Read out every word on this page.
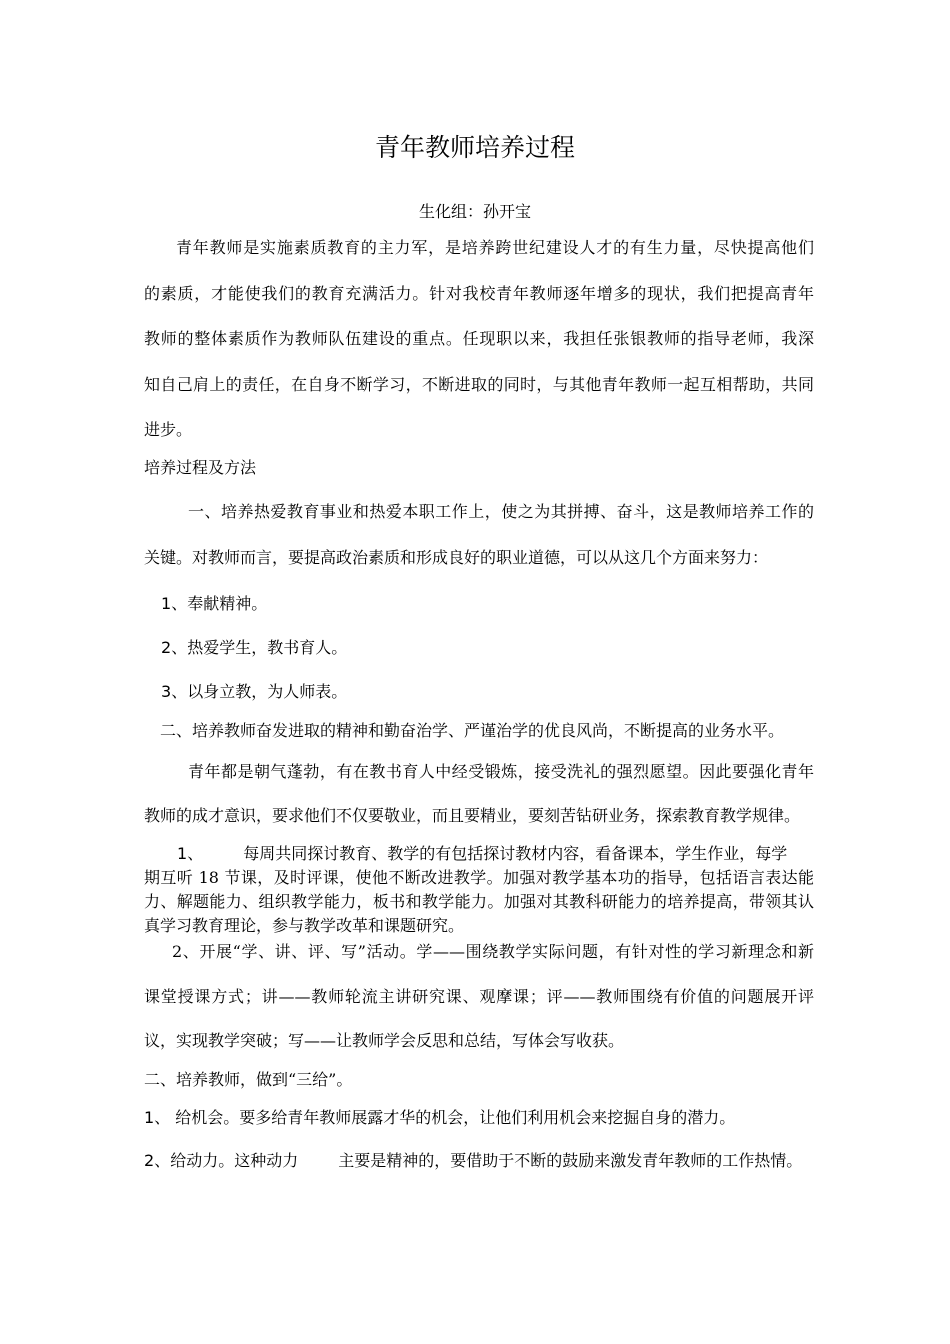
青年教师培养过程
生化组：孙开宝
青年教师是实施素质教育的主力军，是培养跨世纪建设人才的有生力量，尽快提高他们
的素质，才能使我们的教育充满活力。针对我校青年教师逐年增多的现状，我们把提高青年
教师的整体素质作为教师队伍建设的重点。任现职以来，我担任张银教师的指导老师，我深
知自己肩上的责任，在自身不断学习，不断进取的同时，与其他青年教师一起互相帮助，共同
进步。
培养过程及方法
一、培养热爱教育事业和热爱本职工作上，使之为其拼搏、奋斗，这是教师培养工作的
关键。对教师而言，要提高政治素质和形成良好的职业道德，可以从这几个方面来努力：
1、奉献精神。
2、热爱学生，教书育人。
3、以身立教，为人师表。
二、培养教师奋发进取的精神和勤奋治学、严谨治学的优良风尚，不断提高的业务水平。
青年都是朝气蓬勃，有在教书育人中经受锻炼，接受洗礼的强烈愿望。因此要强化青年
教师的成才意识，要求他们不仅要敬业，而且要精业，要刻苦钻研业务，探索教育教学规律。
1、	每周共同探讨教育、教学的有包括探讨教材内容，看备课本，学生作业，每学
期互听 18 节课，及时评课，使他不断改进教学。加强对教学基本功的指导，包括语言表达能
力、解题能力、组织教学能力，板书和教学能力。加强对其教科研能力的培养提高，带领其认
真学习教育理论，参与教学改革和课题研究。
2、开展“学、讲、评、写”活动。学——围绕教学实际问题，有针对性的学习新理念和新
课堂授课方式；讲——教师轮流主讲研究课、观摩课；评——教师围绕有价值的问题展开评
议，实现教学突破；写——让教师学会反思和总结，写体会写收获。
二、培养教师，做到“三给”。
1、 给机会。要多给青年教师展露才华的机会，让他们利用机会来挖掘自身的潜力。
2、给动力。这种动力	主要是精神的，要借助于不断的鼓励来激发青年教师的工作热情。
